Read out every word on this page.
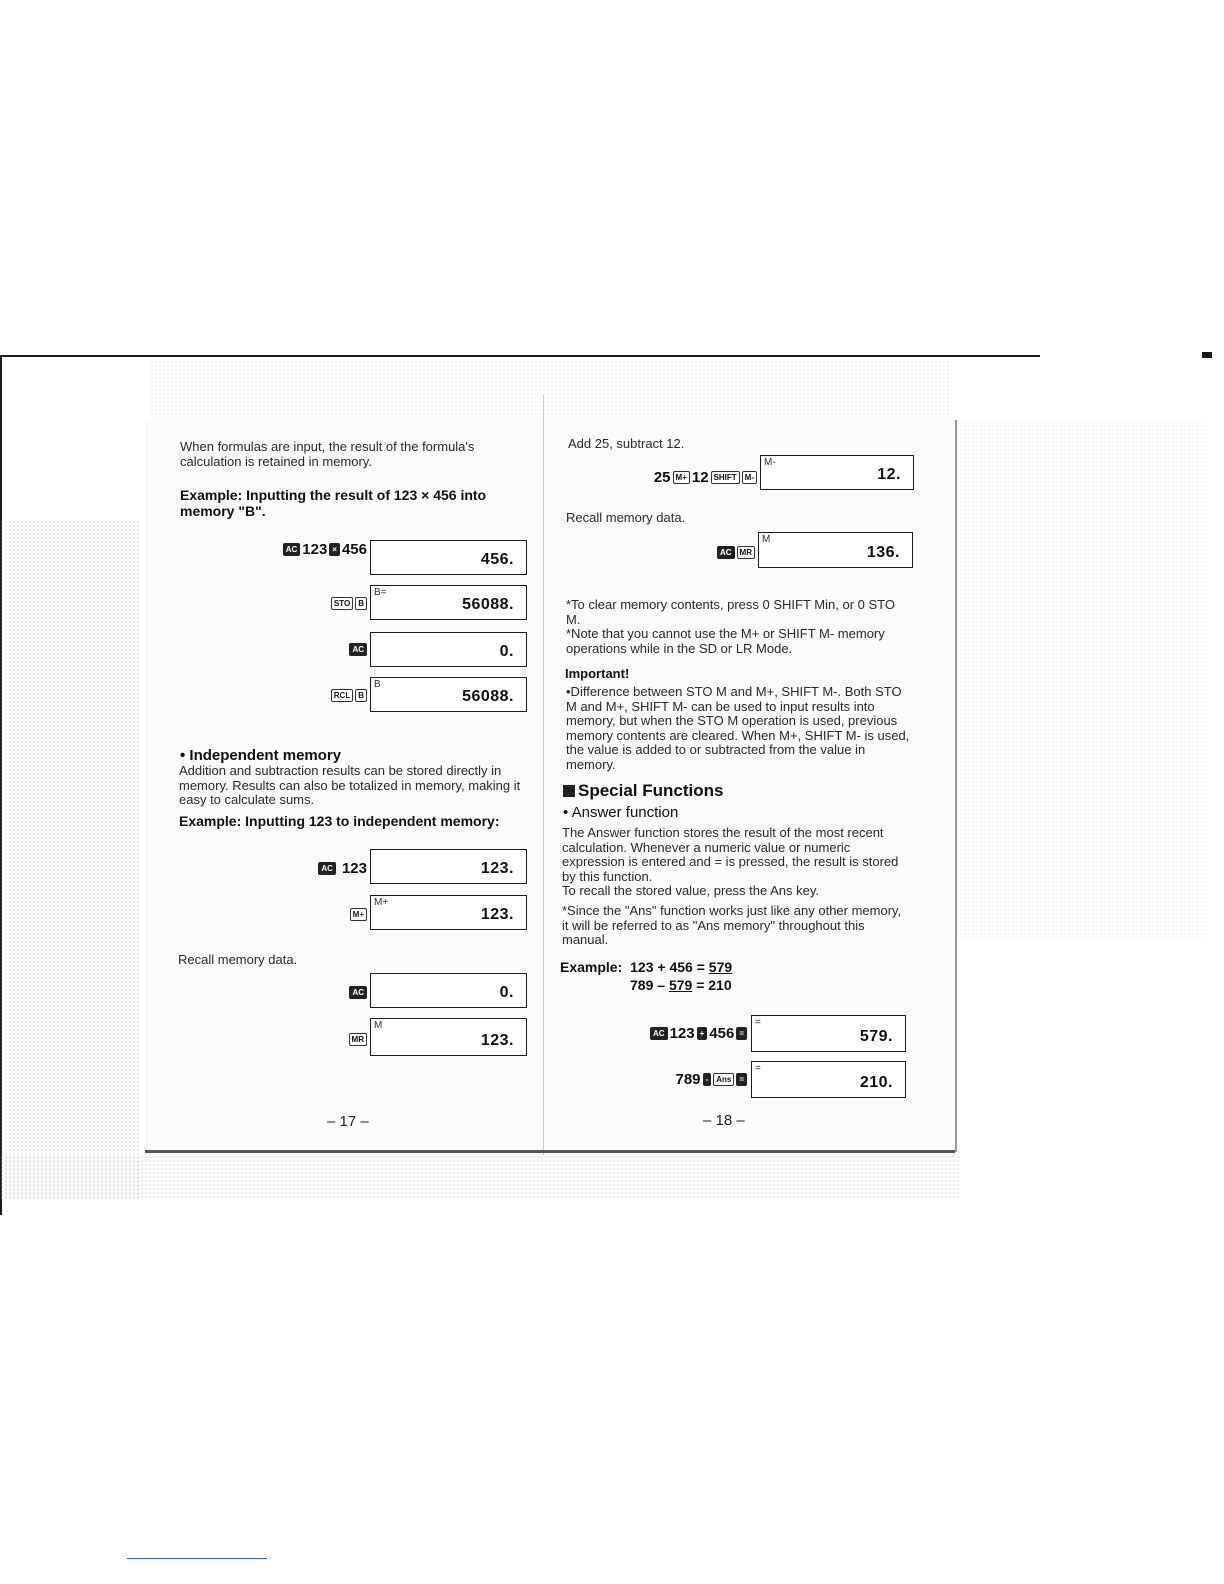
When formulas are input, the result of the formula's calculation is retained in memory.
Example: Inputting the result of 123 × 456 into memory "B".
AC 123 × 456
456.
STO	B
B=
56088.
AC	0.
RCL	B
B
56088.
• Independent memory
Addition and subtraction results can be stored directly in memory. Results can also be totalized in memory, making it easy to calculate sums.
Example: Inputting 123 to independent memory:
AC 123	123.
M+
M+
123.
Recall memory data.
AC	0.
MR
M
123.
– 17 –
Add 25, subtract 12.
25 M+ 12 SHIFT	M-
M-
12.
Recall memory data.
AC	MR
M
136.
*To clear memory contents, press 0 SHIFT Min, or 0 STO M.
*Note that you cannot use the M+ or SHIFT M- memory operations while in the SD or LR Mode.
Important!
•Difference between STO M and M+, SHIFT M-. Both STO M and M+, SHIFT M- can be used to input results into memory, but when the STO M operation is used, previous memory contents are cleared. When M+, SHIFT M- is used, the value is added to or subtracted from the value in memory.
Special Functions
• Answer function
The Answer function stores the result of the most recent calculation. Whenever a numeric value or numeric expression is entered and = is pressed, the result is stored by this function.
To recall the stored value, press the Ans key.
*Since the "Ans" function works just like any other memory, it will be referred to as "Ans memory" throughout this manual.
Example: 123 + 456 = 579
789 – 579 = 210
AC 123 + 456 =
=
579.
789 -	Ans	=
=
210.
– 18 –
